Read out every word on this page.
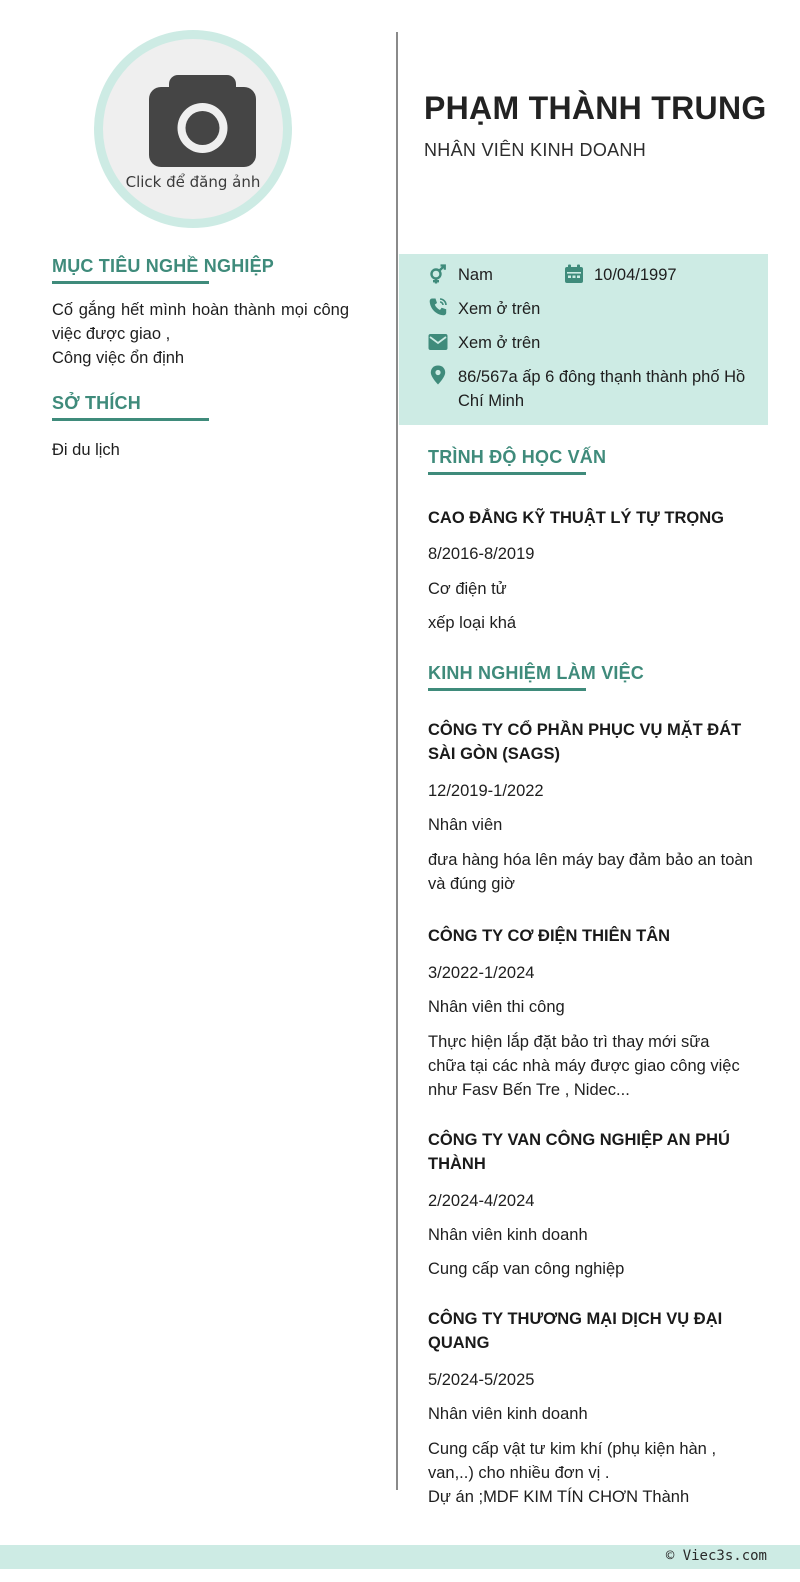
Click để đăng ảnh
MỤC TIÊU NGHỀ NGHIỆP
Cố gắng hết mình hoàn thành mọi công việc được giao ,
Công việc ổn định
SỞ THÍCH
Đi du lịch
PHẠM THÀNH TRUNG
NHÂN VIÊN KINH DOANH
Nam	10/04/1997
Xem ở trên
Xem ở trên
86/567a ấp 6 đông thạnh thành phố Hồ Chí Minh
TRÌNH ĐỘ HỌC VẤN
CAO ĐẲNG KỸ THUẬT LÝ TỰ TRỌNG
8/2016-8/2019
Cơ điện tử
xếp loại khá
KINH NGHIỆM LÀM VIỆC
CÔNG TY CỔ PHẦN PHỤC VỤ MẶT ĐÁT SÀI GÒN (SAGS)
12/2019-1/2022
Nhân viên
đưa hàng hóa lên máy bay đảm bảo an toàn và đúng giờ
CÔNG TY CƠ ĐIỆN THIÊN TÂN
3/2022-1/2024
Nhân viên thi công
Thực hiện lắp đặt bảo trì thay mới sữa chữa tại các nhà máy được giao công việc như Fasv Bến Tre , Nidec...
CÔNG TY VAN CÔNG NGHIỆP AN PHÚ THÀNH
2/2024-4/2024
Nhân viên kinh doanh
Cung cấp van công nghiệp
CÔNG TY THƯƠNG MẠI DỊCH VỤ ĐẠI QUANG
5/2024-5/2025
Nhân viên kinh doanh
Cung cấp vật tư kim khí (phụ kiện hàn , van,..) cho nhiều đơn vị .
Dự án ;MDF KIM TÍN CHƠN Thành
© Viec3s.com
